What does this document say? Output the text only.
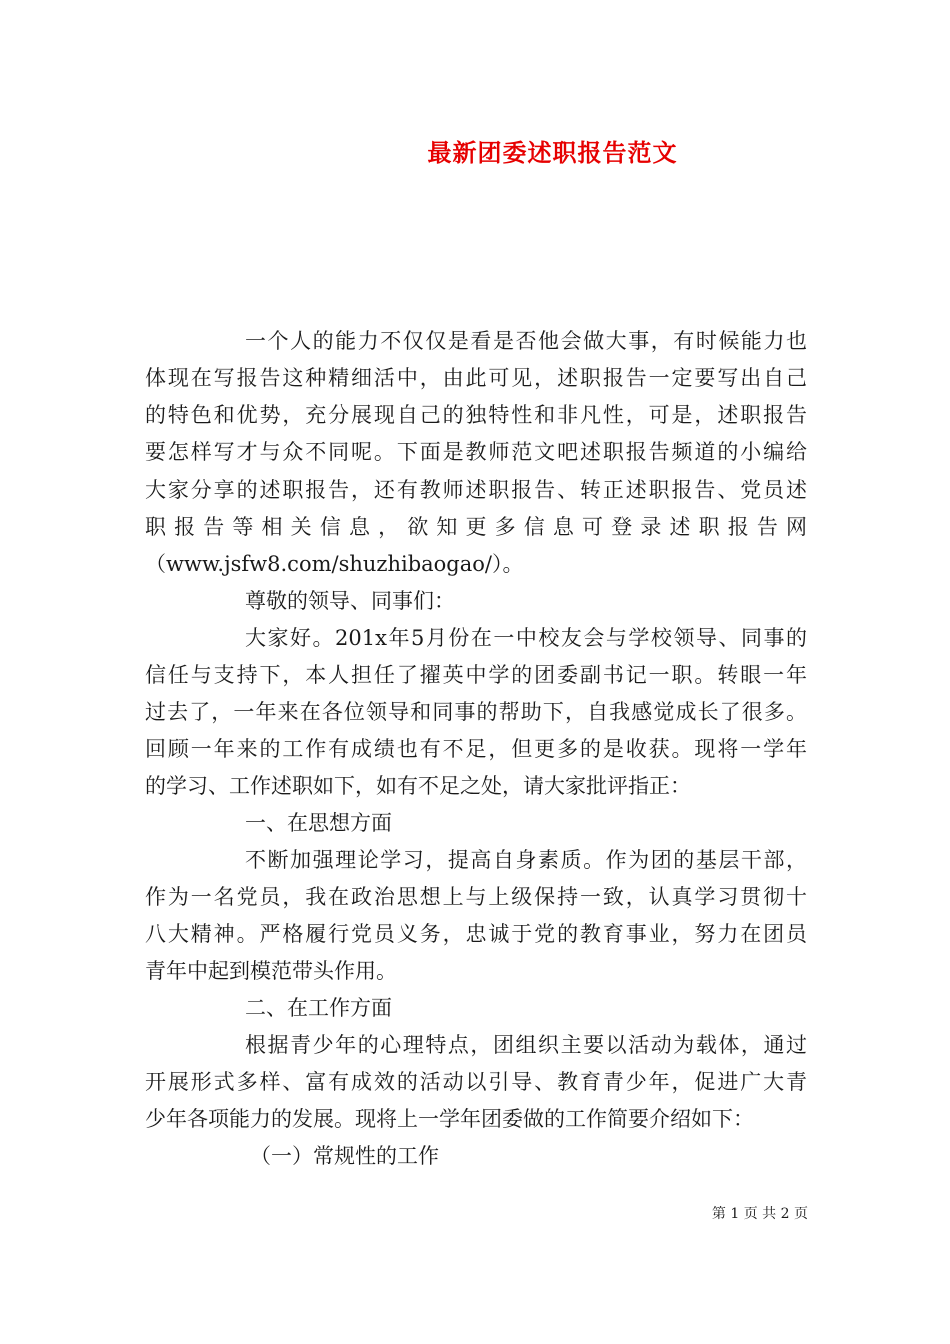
最新团委述职报告范文
一个人的能力不仅仅是看是否他会做大事，有时候能力也
体现在写报告这种精细活中，由此可见，述职报告一定要写出自己
的特色和优势，充分展现自己的独特性和非凡性，可是，述职报告
要怎样写才与众不同呢。下面是教师范文吧述职报告频道的小编给
大家分享的述职报告，还有教师述职报告、转正述职报告、党员述
职报告等相关信息，欲知更多信息可登录述职报告网
（www.jsfw8.com/shuzhibaogao/）。
尊敬的领导、同事们：
大家好。201x年5月份在一中校友会与学校领导、同事的
信任与支持下，本人担任了擢英中学的团委副书记一职。转眼一年
过去了，一年来在各位领导和同事的帮助下，自我感觉成长了很多。
回顾一年来的工作有成绩也有不足，但更多的是收获。现将一学年
的学习、工作述职如下，如有不足之处，请大家批评指正：
一、在思想方面
不断加强理论学习，提高自身素质。作为团的基层干部，
作为一名党员，我在政治思想上与上级保持一致，认真学习贯彻十
八大精神。严格履行党员义务，忠诚于党的教育事业，努力在团员
青年中起到模范带头作用。
二、在工作方面
根据青少年的心理特点，团组织主要以活动为载体，通过
开展形式多样、富有成效的活动以引导、教育青少年，促进广大青
少年各项能力的发展。现将上一学年团委做的工作简要介绍如下：
（一）常规性的工作
第 1 页 共 2 页
